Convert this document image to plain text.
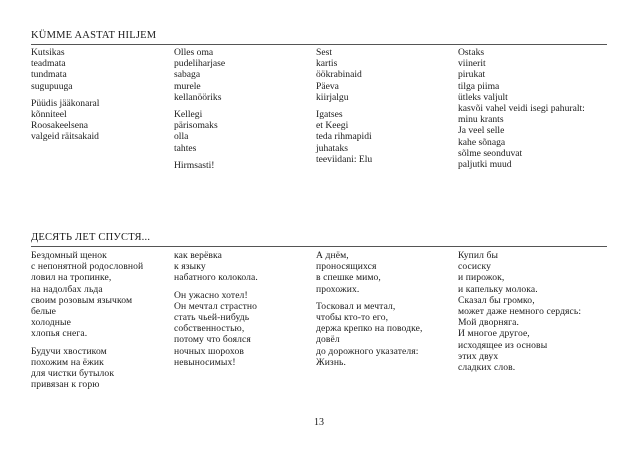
KÜMME AASTAT HILJEM
Kutsikas
teadmata
tundmata
sugupuuga
Püüdis jääkonaral
kõnniteel
Roosakeelsena
valgeid räitsakaid
Olles oma
pudeliharjase
sabaga
murele
kellanööriks
Kellegi
pärisomaks
olla
tahtes
Hirmsasti!
Sest
kartis
öökrabinaid
Päeva
kiirjalgu
Igatses
et Keegi
teda rihmapidi
juhataks
teeviidani: Elu
Ostaks
viinerit
pirukat
tilga piima
ütleks valjult
kasvõi vahel veidi isegi pahuralt:
minu krants
Ja veel selle
kahe sõnaga
sõlme seonduvat
paljutki muud
ДЕСЯТЬ ЛЕТ СПУСТЯ...
Бездомный щенок
с непонятной родословной
ловил на тропинке,
на надолбах льда
своим розовым язычком
белые
холодные
хлопья снега.
Будучи хвостиком
похожим на ёжик
для чистки бутылок
привязан к горю
как верёвка
к языку
набатного колокола.
Он ужасно хотел!
Он мечтал страстно
стать чьей-нибудь
собственностью,
потому что боялся
ночных шорохов
невыносимых!
А днём,
проносящихся
в спешке мимо,
прохожих.
Тосковал и мечтал,
чтобы кто-то его,
держа крепко на поводке,
довёл
до дорожного указателя:
Жизнь.
Купил бы
сосиску
и пирожок,
и капельку молока.
Сказал бы громко,
может даже немного сердясь:
Мой дворняга.
И многое другое,
исходящее из основы
этих двух
сладких слов.
13
